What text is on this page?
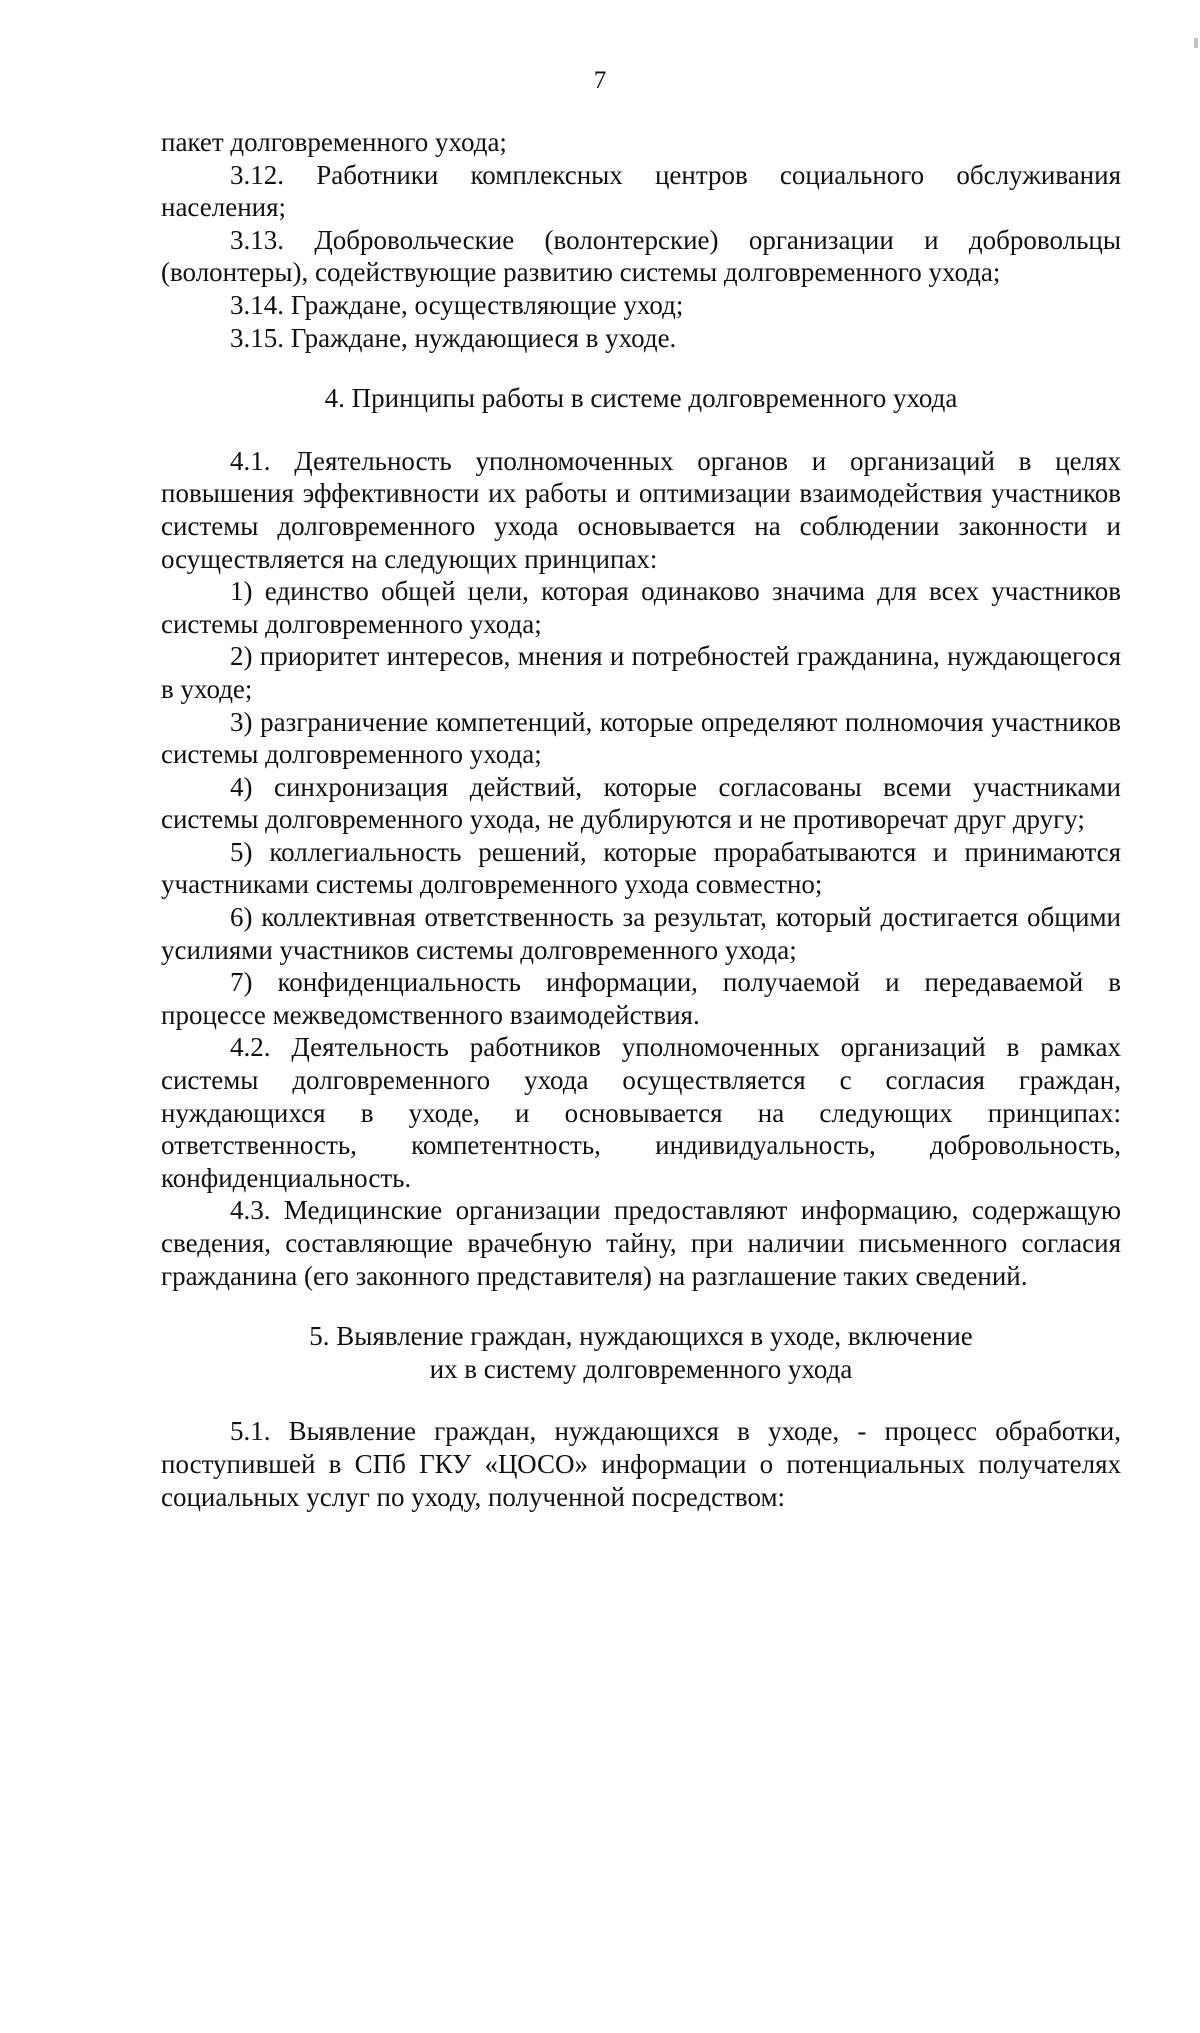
7

пакет долговременного ухода;

3.12. Работники комплексных центров социального обслуживания населения;

3.13. Добровольческие (волонтерские) организации и добровольцы (волонтеры), содействующие развитию системы долговременного ухода;

3.14. Граждане, осуществляющие уход;

3.15. Граждане, нуждающиеся в уходе.

4. Принципы работы в системе долговременного ухода

4.1. Деятельность уполномоченных органов и организаций в целях повышения эффективности их работы и оптимизации взаимодействия участников системы долговременного ухода основывается на соблюдении законности и осуществляется на следующих принципах:

1) единство общей цели, которая одинаково значима для всех участников системы долговременного ухода;

2) приоритет интересов, мнения и потребностей гражданина, нуждающегося в уходе;

3) разграничение компетенций, которые определяют полномочия участников системы долговременного ухода;

4) синхронизация действий, которые согласованы всеми участниками системы долговременного ухода, не дублируются и не противоречат друг другу;

5) коллегиальность решений, которые прорабатываются и принимаются участниками системы долговременного ухода совместно;

6) коллективная ответственность за результат, который достигается общими усилиями участников системы долговременного ухода;

7) конфиденциальность информации, получаемой и передаваемой в процессе межведомственного взаимодействия.

4.2. Деятельность работников уполномоченных организаций в рамках системы долговременного ухода осуществляется с согласия граждан, нуждающихся в уходе, и основывается на следующих принципах: ответственность, компетентность, индивидуальность, добровольность, конфиденциальность.

4.3. Медицинские организации предоставляют информацию, содержащую сведения, составляющие врачебную тайну, при наличии письменного согласия гражданина (его законного представителя) на разглашение таких сведений.

5. Выявление граждан, нуждающихся в уходе, включение
их в систему долговременного ухода

5.1. Выявление граждан, нуждающихся в уходе, - процесс обработки, поступившей в СПб ГКУ «ЦОСО» информации о потенциальных получателях социальных услуг по уходу, полученной посредством:
